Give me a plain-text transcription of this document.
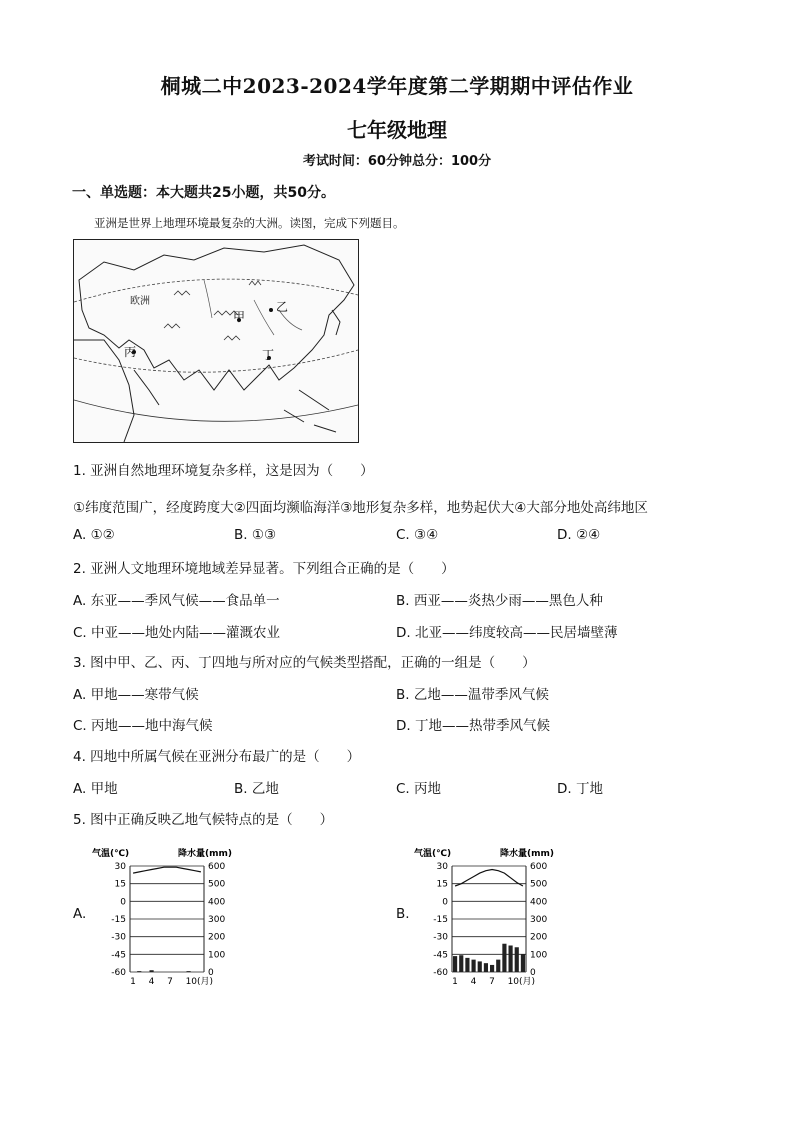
桐城二中2023-2024学年度第二学期期中评估作业
七年级地理
考试时间：60分钟总分：100分
一、单选题：本大题共25小题，共50分。
亚洲是世界上地理环境最复杂的大洲。读图，完成下列题目。
欧洲
甲
乙
丙	丁
1. 亚洲自然地理环境复杂多样，这是因为（　　）
①纬度范围广，经度跨度大②四面均濒临海洋③地形复杂多样，地势起伏大④大部分地处高纬地区
A. ①②	B. ①③	C. ③④	D. ②④
2. 亚洲人文地理环境地域差异显著。下列组合正确的是（　　）
A. 东亚——季风气候——食品单一	B. 西亚——炎热少雨——黑色人种
C. 中亚——地处内陆——灌溉农业	D. 北亚——纬度较高——民居墙壁薄
3. 图中甲、乙、丙、丁四地与所对应的气候类型搭配，正确的一组是（　　）
A. 甲地——寒带气候	B. 乙地——温带季风气候
C. 丙地——地中海气候	D. 丁地——热带季风气候
4. 四地中所属气候在亚洲分布最广的是（　　）
A. 甲地	B. 乙地	C. 丙地	D. 丁地
5. 图中正确反映乙地气候特点的是（　　）
A.	B.
气温(℃)	降水量(mm)
30
15
0
-15
-30
-45
-60
600
500
400
300
200
100
0
1 4 7 10(月)
气温(℃)	降水量(mm)
30
15
0
-15
-30
-45
-60
600
500
400
300
200
100
0
1 4 7 10(月)
